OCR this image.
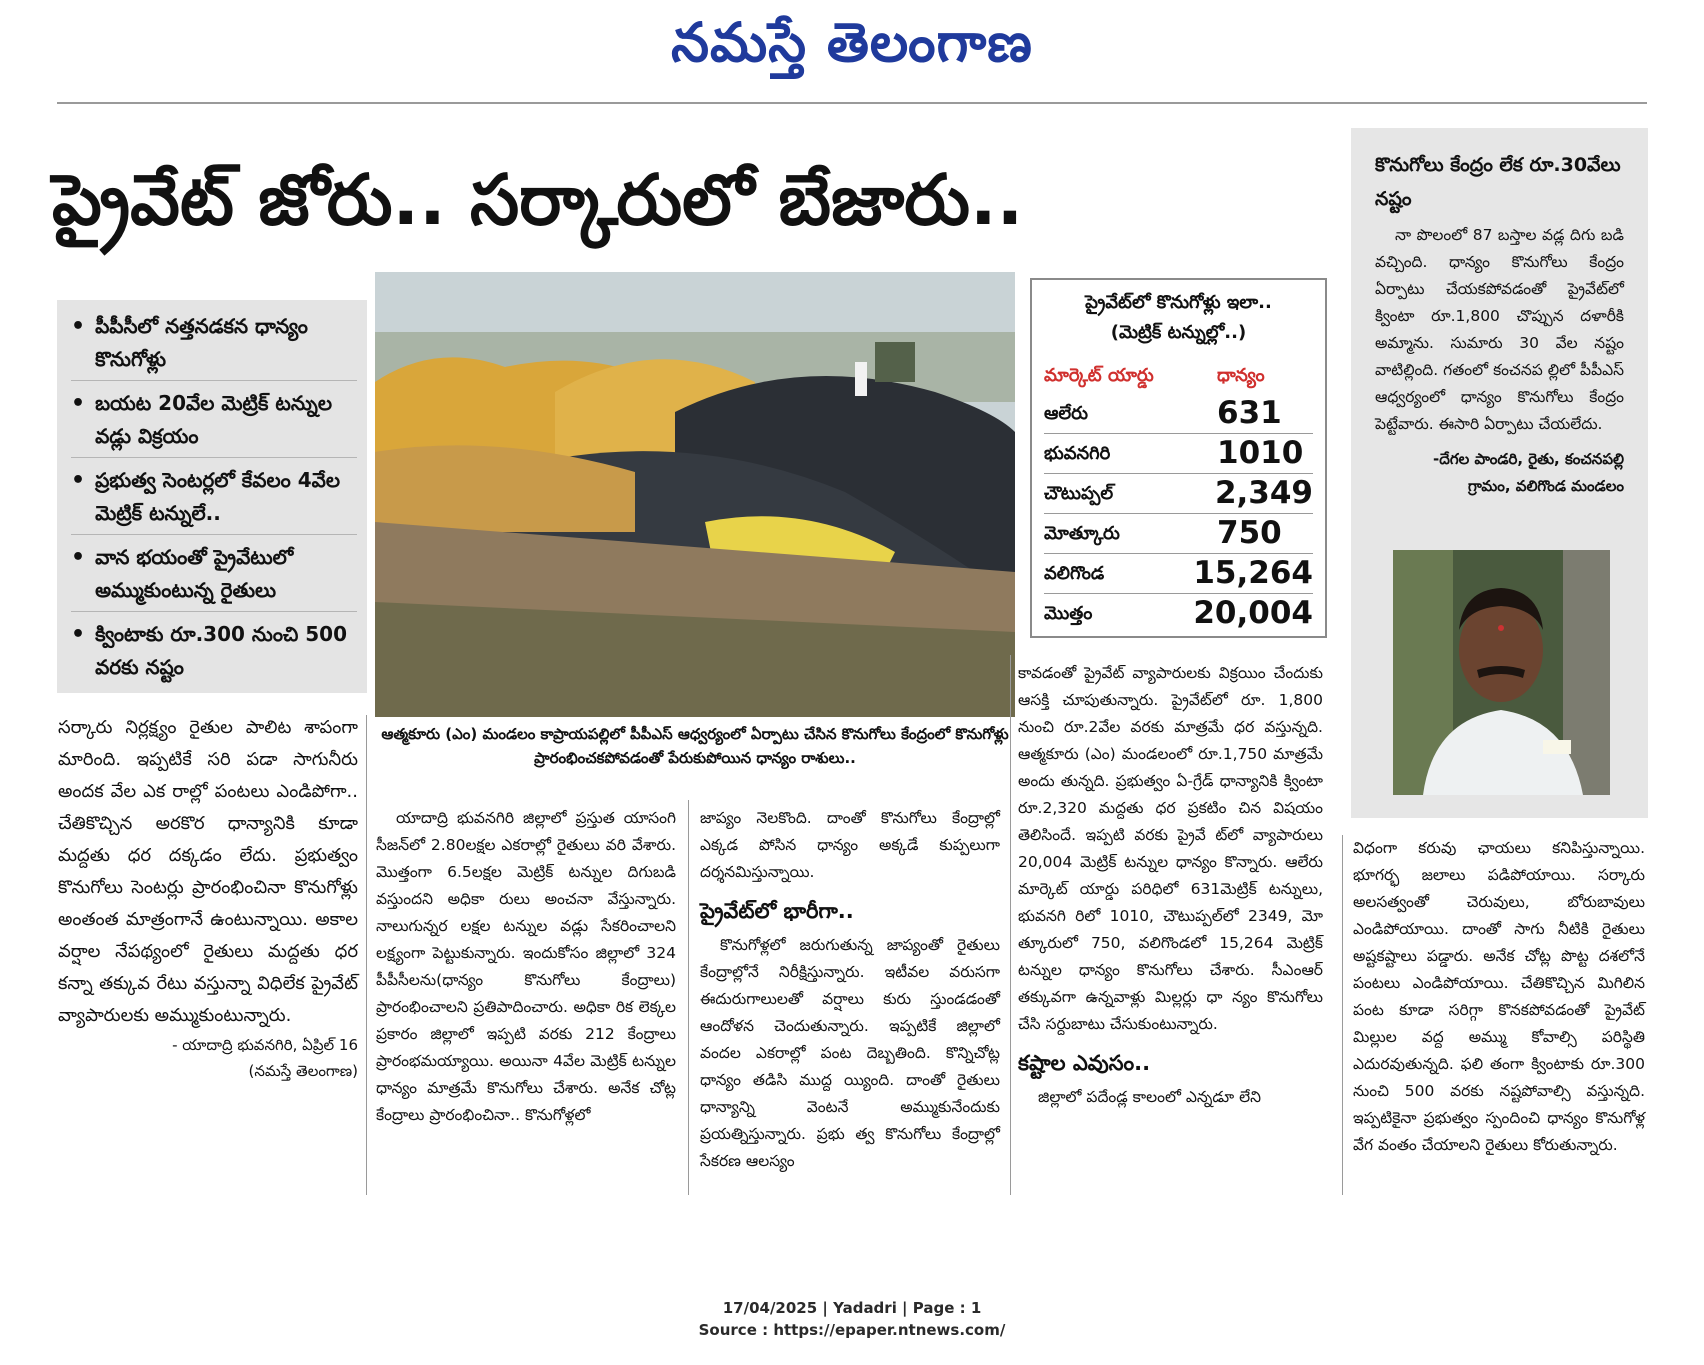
నమస్తే తెలంగాణ
ప్రైవేట్ జోరు.. సర్కారులో బేజారు..
• పీపీసీలో నత్తనడకన ధాన్యం కొనుగోళ్లు
• బయట 20వేల మెట్రిక్ టన్నుల వడ్లు విక్రయం
• ప్రభుత్వ సెంటర్లలో కేవలం 4వేల మెట్రిక్ టన్నులే..
• వాన భయంతో ప్రైవేటులో అమ్ముకుంటున్న రైతులు
• క్వింటాకు రూ.300 నుంచి 500 వరకు నష్టం
ఆత్మకూరు (ఎం) మండలం కాప్రాయపల్లిలో పీపీఎస్ ఆధ్వర్యంలో ఏర్పాటు చేసిన కొనుగోలు కేంద్రంలో కొనుగోళ్లు ప్రారంభించకపోవడంతో పేరుకుపోయిన ధాన్యం రాశులు..

సర్కారు నిర్లక్ష్యం రైతుల పాలిట శాపంగా మారింది. ఇప్పటికే సరి పడా సాగునీరు అందక వేల ఎక రాల్లో పంటలు ఎండిపోగా.. చేతికొచ్చిన అరకొర ధాన్యానికి కూడా మద్దతు ధర దక్కడం లేదు. ప్రభుత్వం కొనుగోలు సెంటర్లు ప్రారంభించినా కొనుగోళ్లు అంతంత మాత్రంగానే ఉంటున్నాయి. అకాల వర్షాల నేపథ్యంలో రైతులు మద్దతు ధర కన్నా తక్కువ రేటు వస్తున్నా విధిలేక ప్రైవేట్ వ్యాపారులకు అమ్ముకుంటున్నారు.

- యాదాద్రి భువనగిరి, ఏప్రిల్ 16
(నమస్తే తెలంగాణ)

యాదాద్రి భువనగిరి జిల్లాలో ప్రస్తుత యాసంగి సీజన్‌లో 2.80లక్షల ఎకరాల్లో రైతులు వరి వేశారు. మొత్తంగా 6.5లక్షల మెట్రిక్ టన్నుల దిగుబడి వస్తుందని అధికా రులు అంచనా వేస్తున్నారు. నాలుగున్నర లక్షల టన్నుల వడ్లు సేకరించాలని లక్ష్యంగా పెట్టుకున్నారు. ఇందుకోసం జిల్లాలో 324 పీపీసీలను(ధాన్యం కొనుగోలు కేంద్రాలు) ప్రారంభించాలని ప్రతిపాదించారు. అధికా రిక లెక్కల ప్రకారం జిల్లాలో ఇప్పటి వరకు 212 కేంద్రాలు ప్రారంభమయ్యాయి. అయినా 4వేల మెట్రిక్ టన్నుల ధాన్యం మాత్రమే కొనుగోలు చేశారు. అనేక చోట్ల కేంద్రాలు ప్రారంభించినా.. కొనుగోళ్లలో

జాప్యం నెలకొంది. దాంతో కొనుగోలు కేంద్రాల్లో ఎక్కడ పోసిన ధాన్యం అక్కడే కుప్పలుగా దర్శనమిస్తున్నాయి.

ప్రైవేట్‌లో భారీగా..

కొనుగోళ్లలో జరుగుతున్న జాప్యంతో రైతులు కేంద్రాల్లోనే నిరీక్షిస్తున్నారు. ఇటీవల వరుసగా ఈదురుగాలులతో వర్షాలు కురు స్తుండడంతో ఆందోళన చెందుతున్నారు. ఇప్పటికే జిల్లాలో వందల ఎకరాల్లో పంట దెబ్బతింది. కొన్నిచోట్ల ధాన్యం తడిసి ముద్ద య్యింది. దాంతో రైతులు ధాన్యాన్ని వెంటనే అమ్ముకునేందుకు ప్రయత్నిస్తున్నారు. ప్రభు త్వ కొనుగోలు కేంద్రాల్లో సేకరణ ఆలస్యం

ప్రైవేట్‌లో కొనుగోళ్లు ఇలా..
(మెట్రిక్ టన్నుల్లో..)
మార్కెట్ యార్డు	ధాన్యం
ఆలేరు	631
భువనగిరి	1010
చౌటుప్పల్	2,349
మోత్కూరు	750
వలిగొండ	15,264
మొత్తం	20,004

కావడంతో ప్రైవేట్ వ్యాపారులకు విక్రయిం చేందుకు ఆసక్తి చూపుతున్నారు. ప్రైవేట్‌లో రూ. 1,800 నుంచి రూ.2వేల వరకు మాత్రమే ధర వస్తున్నది. ఆత్మకూరు (ఎం) మండలంలో రూ.1,750 మాత్రమే అందు తున్నది. ప్రభుత్వం ఏ-గ్రేడ్ ధాన్యానికి క్వింటా రూ.2,320 మద్దతు ధర ప్రకటిం చిన విషయం తెలిసిందే. ఇప్పటి వరకు ప్రైవే ట్‌లో వ్యాపారులు 20,004 మెట్రిక్ టన్నుల ధాన్యం కొన్నారు. ఆలేరు మార్కెట్ యార్డు పరిధిలో 631మెట్రిక్ టన్నులు, భువనగి రిలో 1010, చౌటుప్పల్‌లో 2349, మో త్కూరులో 750, వలిగొండలో 15,264 మెట్రిక్ టన్నుల ధాన్యం కొనుగోలు చేశారు. సీఎంఆర్ తక్కువగా ఉన్నవాళ్లు మిల్లర్లు ధా న్యం కొనుగోలు చేసి సర్దుబాటు చేసుకుంటున్నారు.

కష్టాల ఎవుసం..

జిల్లాలో పదేండ్ల కాలంలో ఎన్నడూ లేని

కొనుగోలు కేంద్రం లేక రూ.30వేలు నష్టం
నా పొలంలో 87 బస్తాల వడ్ల దిగు బడి వచ్చింది. ధాన్యం కొనుగోలు కేంద్రం ఏర్పాటు చేయకపోవడంతో ప్రైవేట్‌లో క్వింటా రూ.1,800 చొప్పున దళారీకి అమ్మాను. సుమారు 30 వేల నష్టం వాటిల్లింది. గతంలో కంచనప ల్లిలో పీపీఎస్ ఆధ్వర్యంలో ధాన్యం కొనుగోలు కేంద్రం పెట్టేవారు. ఈసారి ఏర్పాటు చేయలేదు.
-దేగల పాండరి, రైతు, కంచనపల్లి
గ్రామం, వలిగొండ మండలం

విధంగా కరువు ఛాయలు కనిపిస్తున్నాయి. భూగర్భ జలాలు పడిపోయాయి. సర్కారు అలసత్వంతో చెరువులు, బోరుబావులు ఎండిపోయాయి. దాంతో సాగు నీటికి రైతులు అష్టకష్టాలు పడ్డారు. అనేక చోట్ల పొట్ట దశలోనే పంటలు ఎండిపోయాయి. చేతికొచ్చిన మిగిలిన పంట కూడా సరిగ్గా కొనకపోవడంతో ప్రైవేట్ మిల్లుల వద్ద అమ్ము కోవాల్సి పరిస్థితి ఎదురవుతున్నది. ఫలి తంగా క్వింటాకు రూ.300 నుంచి 500 వరకు నష్టపోవాల్సి వస్తున్నది. ఇప్పటికైనా ప్రభుత్వం స్పందించి ధాన్యం కొనుగోళ్ల వేగ వంతం చేయాలని రైతులు కోరుతున్నారు.

17/04/2025 | Yadadri | Page : 1
Source : https://epaper.ntnews.com/
